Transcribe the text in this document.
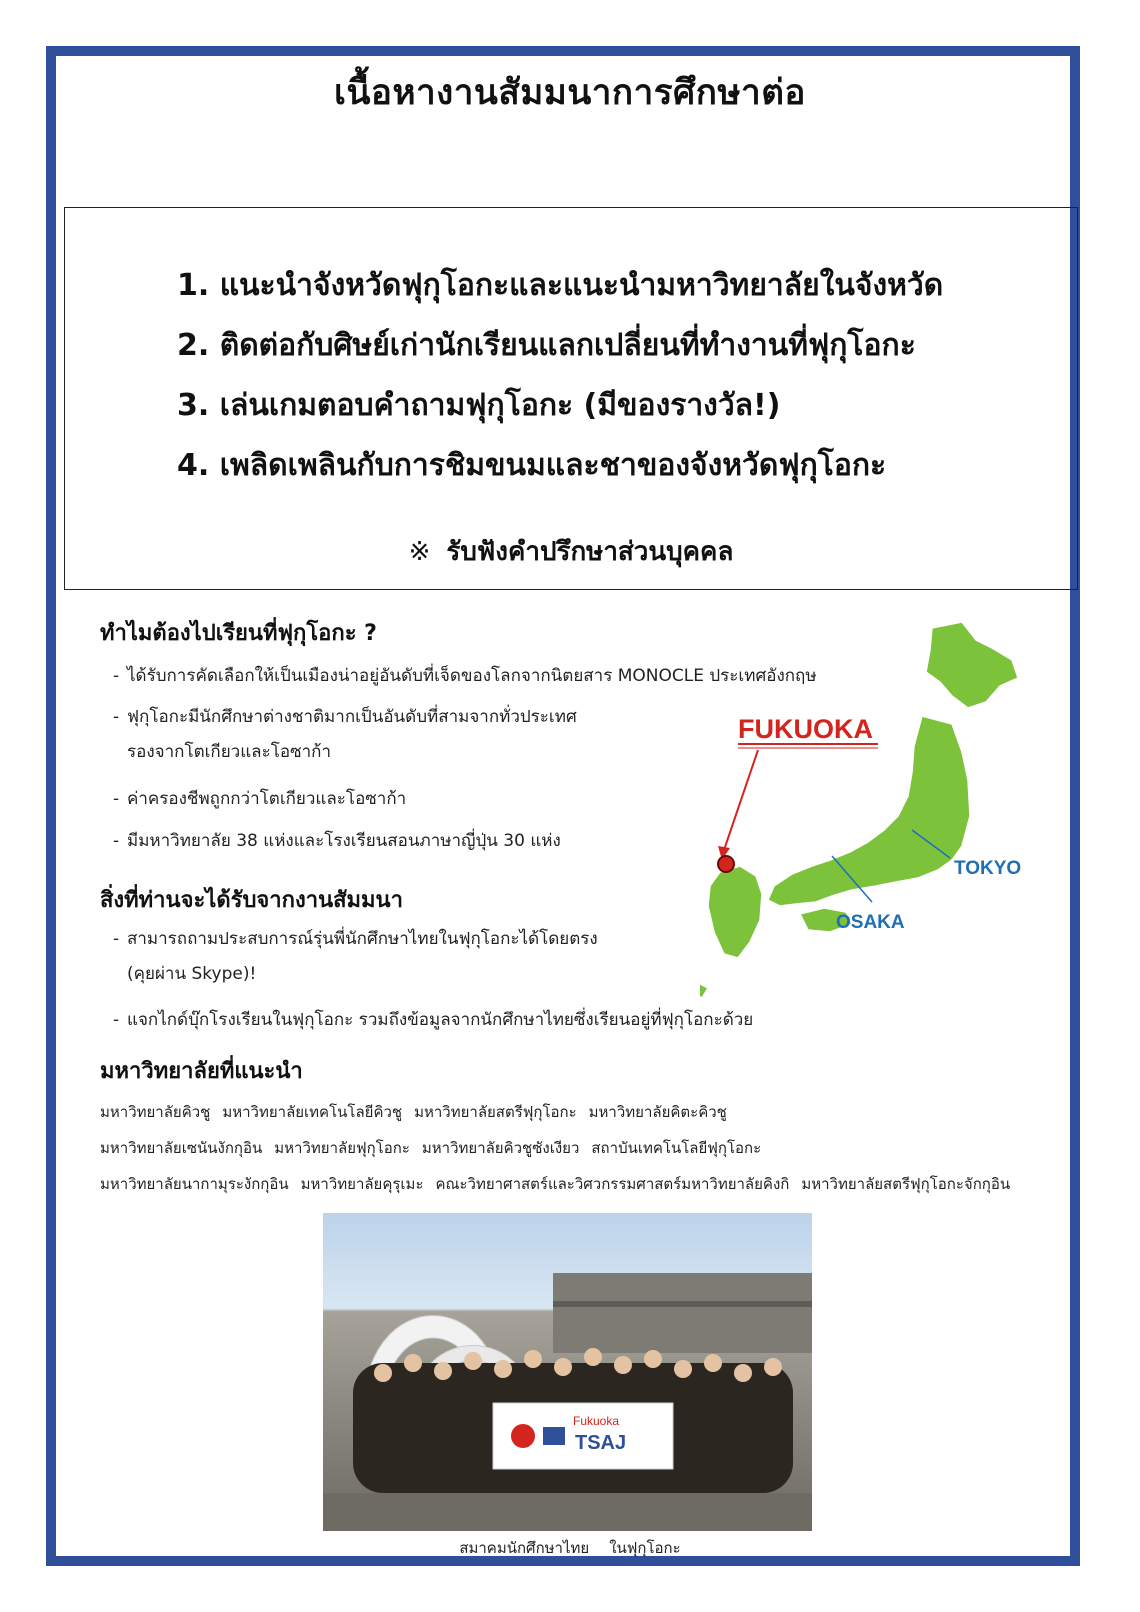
เนื้อหางานสัมมนาการศึกษาต่อ
1. แนะนำจังหวัดฟุกุโอกะและแนะนำมหาวิทยาลัยในจังหวัด
2. ติดต่อกับศิษย์เก่านักเรียนแลกเปลี่ยนที่ทำงานที่ฟุกุโอกะ
3. เล่นเกมตอบคำถามฟุกุโอกะ (มีของรางวัล!)
4. เพลิดเพลินกับการชิมขนมและชาของจังหวัดฟุกุโอกะ
※ รับฟังคำปรึกษาส่วนบุคคล
ทำไมต้องไปเรียนที่ฟุกุโอกะ ?
- ได้รับการคัดเลือกให้เป็นเมืองน่าอยู่อันดับที่เจ็ดของโลกจากนิตยสาร MONOCLE ประเทศอังกฤษ
- ฟุกุโอกะมีนักศึกษาต่างชาติมากเป็นอันดับที่สามจากทั่วประเทศ
รองจากโตเกียวและโอซาก้า
- ค่าครองชีพถูกกว่าโตเกียวและโอซาก้า
- มีมหาวิทยาลัย 38 แห่งและโรงเรียนสอนภาษาญี่ปุ่น 30 แห่ง
สิ่งที่ท่านจะได้รับจากงานสัมมนา
- สามารถถามประสบการณ์รุ่นพี่นักศึกษาไทยในฟุกุโอกะได้โดยตรง
(คุยผ่าน Skype)!
- แจกไกด์บุ๊กโรงเรียนในฟุกุโอกะ รวมถึงข้อมูลจากนักศึกษาไทยซึ่งเรียนอยู่ที่ฟุกุโอกะด้วย
มหาวิทยาลัยที่แนะนำ
มหาวิทยาลัยคิวชู มหาวิทยาลัยเทคโนโลยีคิวชู มหาวิทยาลัยสตรีฟุกุโอกะ มหาวิทยาลัยคิตะคิวชู
มหาวิทยาลัยเซนันงักกุอิน มหาวิทยาลัยฟุกุโอกะ มหาวิทยาลัยคิวชูซังเงียว สถาบันเทคโนโลยีฟุกุโอกะ
มหาวิทยาลัยนากามุระงักกุอิน มหาวิทยาลัยคุรุเมะ คณะวิทยาศาสตร์และวิศวกรรมศาสตร์มหาวิทยาลัยคิงกิ มหาวิทยาลัยสตรีฟุกุโอกะจักกุอิน
FUKUOKA
TOKYO
OSAKA
Fukuoka
TSAJ
สมาคมนักศึกษาไทย ในฟุกุโอกะ
